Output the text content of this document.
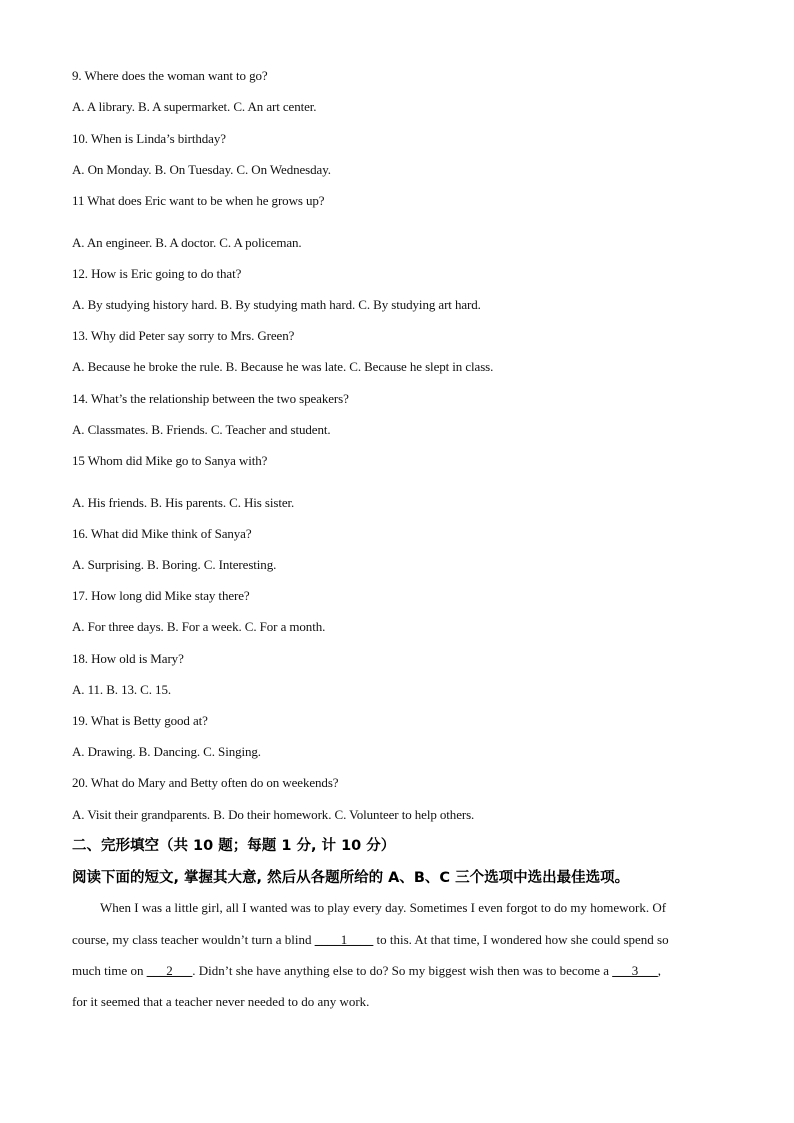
9. Where does the woman want to go?
A. A library. B. A supermarket. C. An art center.
10. When is Linda’s birthday?
A. On Monday. B. On Tuesday. C. On Wednesday.
11 What does Eric want to be when he grows up?
A. An engineer. B. A doctor. C. A policeman.
12. How is Eric going to do that?
A. By studying history hard. B. By studying math hard. C. By studying art hard.
13. Why did Peter say sorry to Mrs. Green?
A. Because he broke the rule. B. Because he was late. C. Because he slept in class.
14. What’s the relationship between the two speakers?
A. Classmates. B. Friends. C. Teacher and student.
15 Whom did Mike go to Sanya with?
A. His friends. B. His parents. C. His sister.
16. What did Mike think of Sanya?
A. Surprising. B. Boring. C. Interesting.
17. How long did Mike stay there?
A. For three days. B. For a week. C. For a month.
18. How old is Mary?
A. 11. B. 13. C. 15.
19. What is Betty good at?
A. Drawing. B. Dancing. C. Singing.
20. What do Mary and Betty often do on weekends?
A. Visit their grandparents. B. Do their homework. C. Volunteer to help others.
二、完形填空（共 10 题；每题 1 分, 计 10 分）
阅读下面的短文, 掌握其大意, 然后从各题所给的 A、B、C 三个选项中选出最佳选项。
When I was a little girl, all I wanted was to play every day. Sometimes I even forgot to do my homework. Of
course, my class teacher wouldn’t turn a blind ____1____ to this. At that time, I wondered how she could spend so
much time on ___2___. Didn’t she have anything else to do? So my biggest wish then was to become a ___3___,
for it seemed that a teacher never needed to do any work.
